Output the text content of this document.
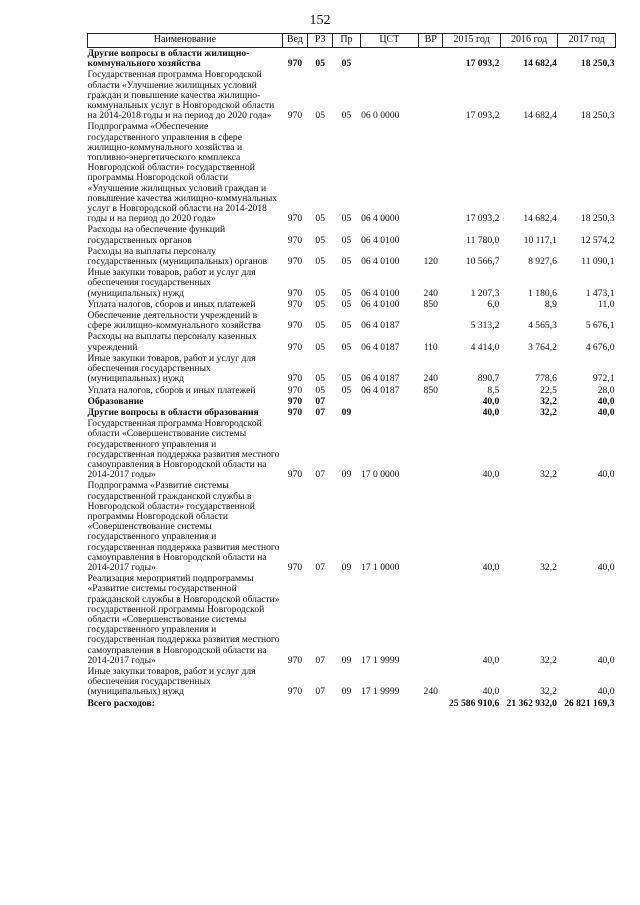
152
Наименование	Вед	РЗ	Пр	ЦСТ	ВР	2015 год	2016 год	2017 год
Другие вопросы в области жилищно-коммунального хозяйства	970	05	05			17 093,2	14 682,4	18 250,3
Государственная программа Новгородской области «Улучшение жилищных условий граждан и повышение качества жилищно-коммунальных услуг в Новгородской области на 2014-2018 годы и на период до 2020 года»	970	05	05	06 0 0000		17 093,2	14 682,4	18 250,3
Подпрограмма «Обеспечение государственного управления в сфере жилищно-коммунального хозяйства и топливно-энергетического комплекса Новгородской области» государственной программы Новгородской области «Улучшение жилищных условий граждан и повышение качества жилищно-коммунальных услуг в Новгородской области на 2014-2018 годы и на период до 2020 года»	970	05	05	06 4 0000		17 093,2	14 682,4	18 250,3
Расходы на обеспечение функций государственных органов	970	05	05	06 4 0100		11 780,0	10 117,1	12 574,2
Расходы на выплаты персоналу государственных (муниципальных) органов	970	05	05	06 4 0100	120	10 566,7	8 927,6	11 090,1
Иные закупки товаров, работ и услуг для обеспечения государственных (муниципальных) нужд	970	05	05	06 4 0100	240	1 207,3	1 180,6	1 473,1
Уплата налогов, сборов и иных платежей	970	05	05	06 4 0100	850	6,0	8,9	11,0
Обеспечение деятельности учреждений в сфере жилищно-коммунального хозяйства	970	05	05	06 4 0187		5 313,2	4 565,3	5 676,1
Расходы на выплаты персоналу казенных учреждений	970	05	05	06 4 0187	110	4 414,0	3 764,2	4 676,0
Иные закупки товаров, работ и услуг для обеспечения государственных (муниципальных) нужд	970	05	05	06 4 0187	240	890,7	778,6	972,1
Уплата налогов, сборов и иных платежей	970	05	05	06 4 0187	850	8,5	22,5	28,0
Образование	970	07				40,0	32,2	40,0
Другие вопросы в области образования	970	07	09			40,0	32,2	40,0
Государственная программа Новгородской области «Совершенствование системы государственного управления и государственная поддержка развития местного самоуправления в Новгородской области на 2014-2017 годы»	970	07	09	17 0 0000		40,0	32,2	40,0
Подпрограмма «Развитие системы государственной гражданской службы в Новгородской области» государственной программы Новгородской области «Совершенствование системы государственного управления и государственная поддержка развития местного самоуправления в Новгородской области на 2014-2017 годы»	970	07	09	17 1 0000		40,0	32,2	40,0
Реализация мероприятий подпрограммы «Развитие системы государственной гражданской службы в Новгородской области» государственной программы Новгородской области «Совершенствование системы государственного управления и государственная поддержка развития местного самоуправления в Новгородской области на 2014-2017 годы»	970	07	09	17 1 9999		40,0	32,2	40,0
Иные закупки товаров, работ и услуг для обеспечения государственных (муниципальных) нужд	970	07	09	17 1 9999	240	40,0	32,2	40,0
Всего расходов:						25 586 910,6	21 362 932,0	26 821 169,3
